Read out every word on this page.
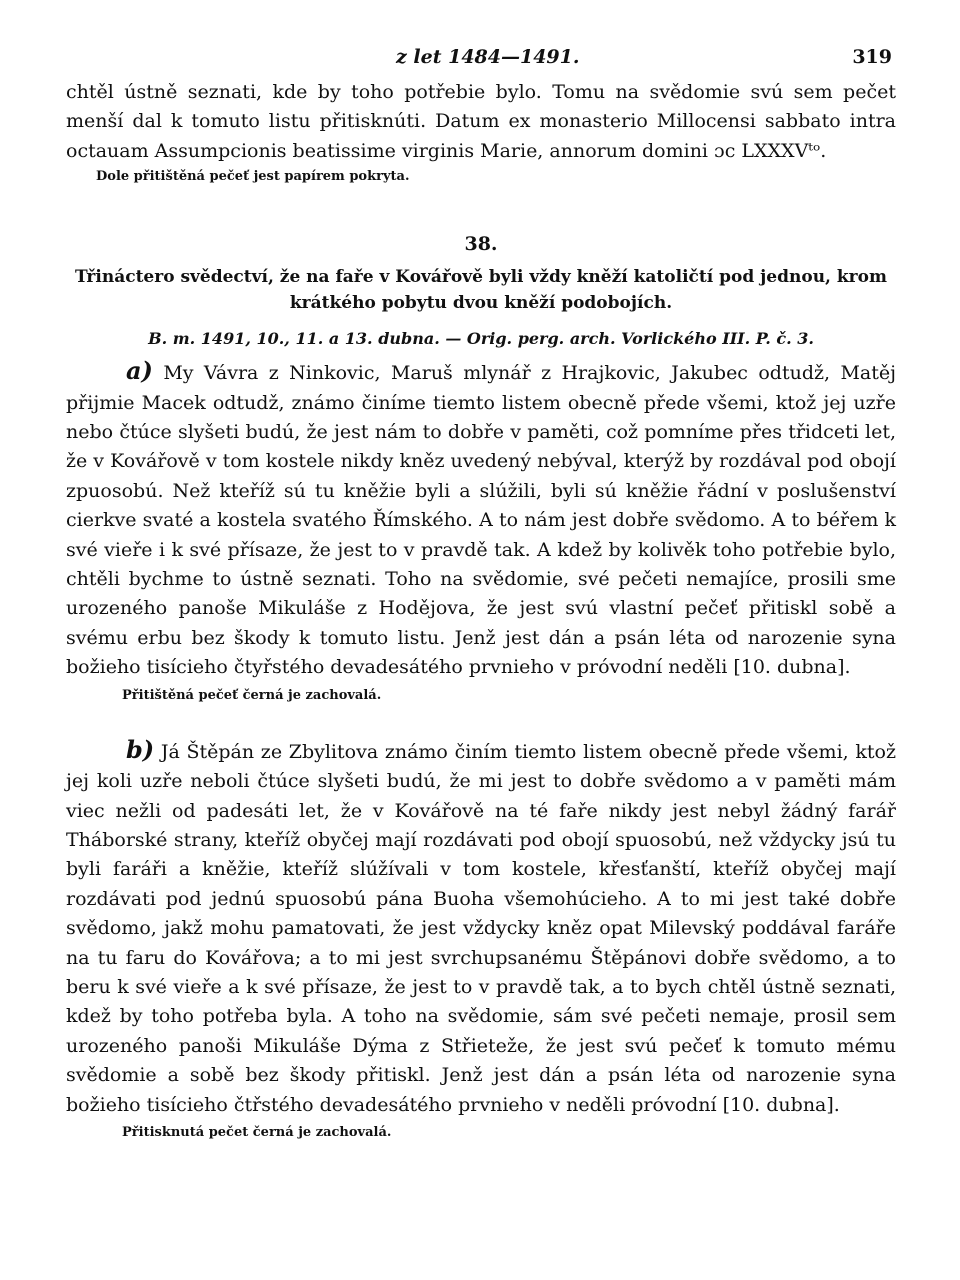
z let 1484—1491.	319

chtěl ústně seznati, kde by toho potřebie bylo. Tomu na svědomie svú sem pečet menší dal k tomuto listu přitisknúti. Datum ex monasterio Millocensi sabbato intra octauam Assumpcionis beatissime virginis Marie, annorum domini ɔc LXXXVᵗᵒ.

Dole přitištěná pečeť jest papírem pokryta.

38.

Třináctero svědectví, že na faře v Kovářově byli vždy kněží katoličtí pod jednou, krom
krátkého pobytu dvou kněží podobojích.

B. m. 1491, 10., 11. a 13. dubna. — Orig. perg. arch. Vorlického III. P. č. 3.

a) My Vávra z Ninkovic, Maruš mlynář z Hrajkovic, Jakubec odtudž, Matěj přijmie Macek odtudž, známo činíme tiemto listem obecně přede všemi, ktož jej uzře nebo čtúce slyšeti budú, že jest nám to dobře v paměti, což pomníme přes třidceti let, že v Kovářově v tom kostele nikdy kněz uvedený nebýval, kterýž by rozdával pod obojí zpuosobú. Než kteříž sú tu kněžie byli a slúžili, byli sú kněžie řádní v poslušenství cierkve svaté a kostela svatého Římského. A to nám jest dobře svědomo. A to béřem k své vieře i k své přísaze, že jest to v pravdě tak. A kdež by kolivěk toho potřebie bylo, chtěli bychme to ústně seznati. Toho na svědomie, své pečeti nemajíce, prosili sme urozeného panoše Mikuláše z Hodějova, že jest svú vlastní pečeť přitiskl sobě a svému erbu bez škody k tomuto listu. Jenž jest dán a psán léta od narozenie syna božieho tisícieho čtyřstého devadesátého prvnieho v próvodní neděli [10. dubna].

Přitištěná pečeť černá je zachovalá.

b) Já Štěpán ze Zbylitova známo činím tiemto listem obecně přede všemi, ktož jej koli uzře neboli čtúce slyšeti budú, že mi jest to dobře svědomo a v paměti mám viec nežli od padesáti let, že v Kovářově na té faře nikdy jest nebyl žádný farář Tháborské strany, kteříž obyčej mají rozdávati pod obojí spuosobú, než vždycky jsú tu byli faráři a kněžie, kteříž slúžívali v tom kostele, křesťanští, kteříž obyčej mají rozdávati pod jednú spuosobú pána Buoha všemohúcieho. A to mi jest také dobře svědomo, jakž mohu pamatovati, že jest vždycky kněz opat Milevský poddával faráře na tu faru do Kovářova; a to mi jest svrchupsanému Štěpánovi dobře svědomo, a to beru k své vieře a k své přísaze, že jest to v pravdě tak, a to bych chtěl ústně seznati, kdež by toho potřeba byla. A toho na svědomie, sám své pečeti nemaje, prosil sem urozeného panoši Mikuláše Dýma z Střieteže, že jest svú pečeť k tomuto mému svědomie a sobě bez škody přitiskl. Jenž jest dán a psán léta od narozenie syna božieho tisícieho čtřstého devadesátého prvnieho v neděli próvodní [10. dubna].

Přitisknutá pečet černá je zachovalá.
